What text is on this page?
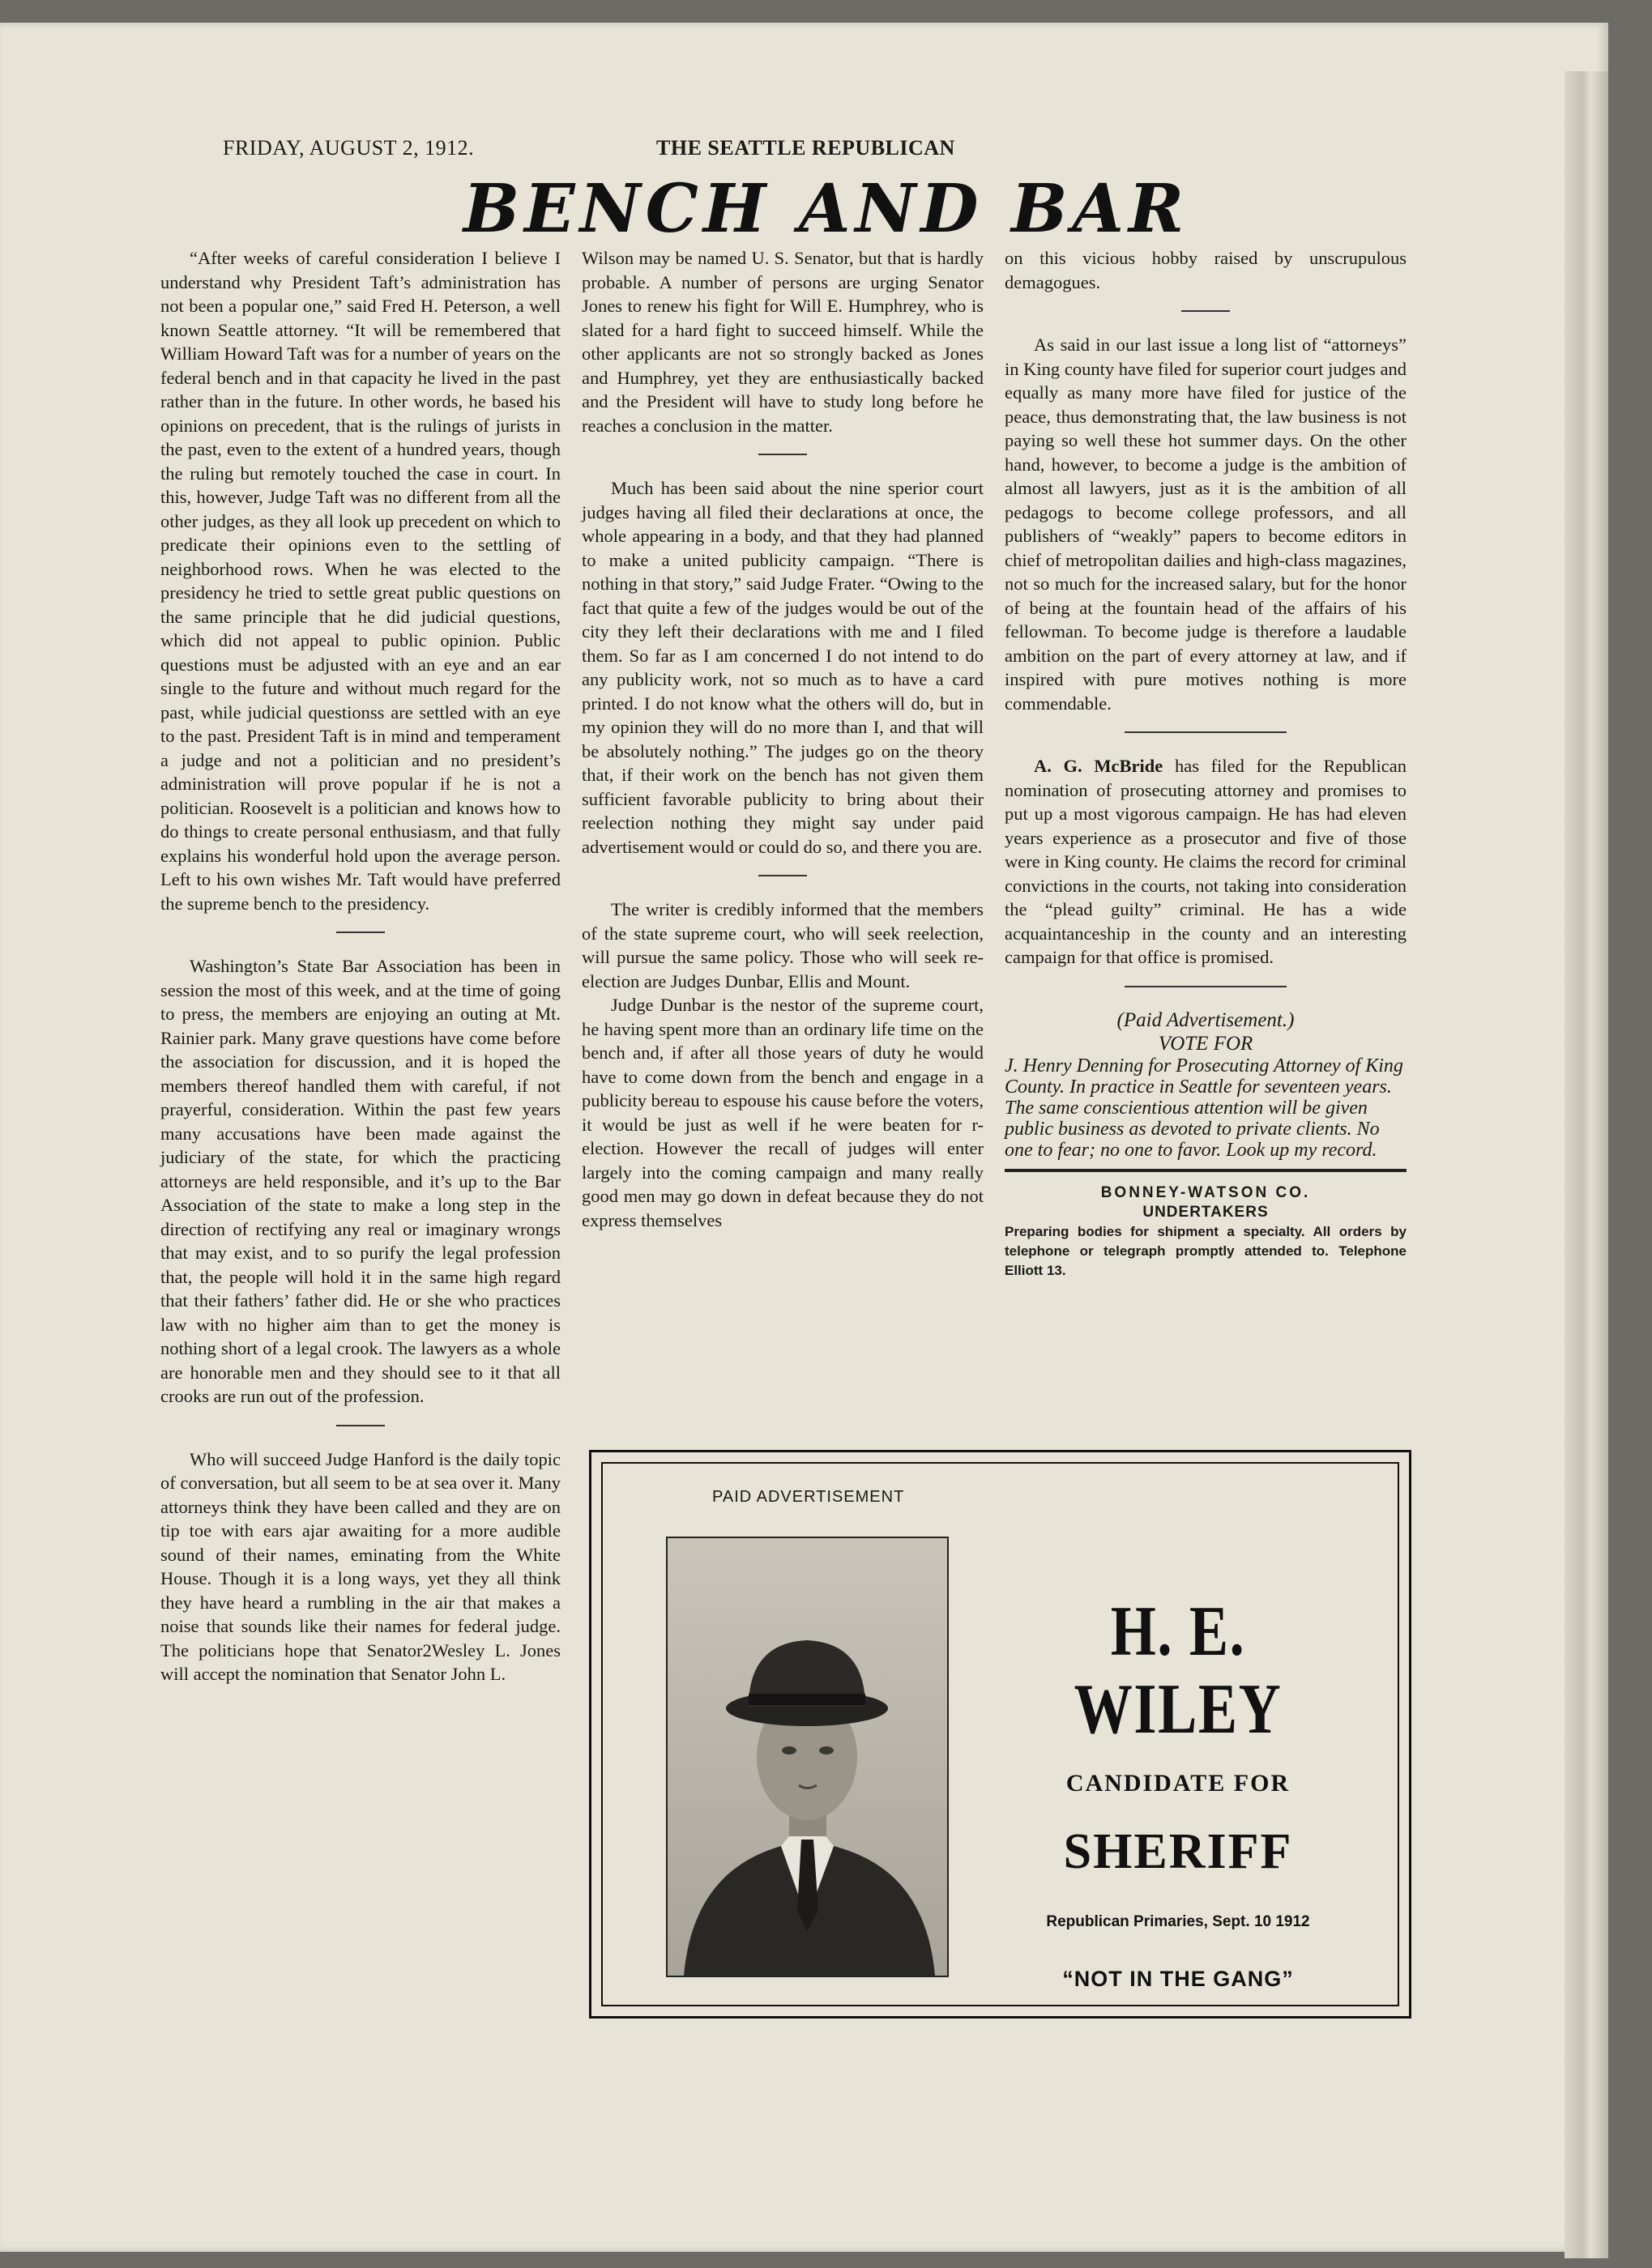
FRIDAY, AUGUST 2, 1912.	THE SEATTLE REPUBLICAN
BENCH AND BAR

“After weeks of careful consideration I believe I understand why President Taft’s administration has not been a popular one,” said Fred H. Peterson, a well known Seattle attorney. “It will be remembered that William Howard Taft was for a number of years on the federal bench and in that capacity he lived in the past rather than in the future. In other words, he based his opinions on precedent, that is the rulings of jurists in the past, even to the extent of a hundred years, though the ruling but remotely touched the case in court. In this, however, Judge Taft was no different from all the other judges, as they all look up precedent on which to predicate their opinions even to the settling of neighborhood rows. When he was elected to the presidency he tried to settle great public questions on the same principle that he did judicial questions, which did not appeal to public opinion. Public questions must be adjusted with an eye and an ear single to the future and without much regard for the past, while judicial questionss are settled with an eye to the past. President Taft is in mind and temperament a judge and not a politician and no president’s administration will prove popular if he is not a politician. Roosevelt is a politician and knows how to do things to create personal enthusiasm, and that fully explains his wonderful hold upon the average person. Left to his own wishes Mr. Taft would have preferred the supreme bench to the presidency.

Washington’s State Bar Association has been in session the most of this week, and at the time of going to press, the members are enjoying an outing at Mt. Rainier park. Many grave questions have come before the association for discussion, and it is hoped the members thereof handled them with careful, if not prayerful, consideration. Within the past few years many accusations have been made against the judiciary of the state, for which the practicing attorneys are held responsible, and it’s up to the Bar Association of the state to make a long step in the direction of rectifying any real or imaginary wrongs that may exist, and to so purify the legal profession that, the people will hold it in the same high regard that their fathers’ father did. He or she who practices law with no higher aim than to get the money is nothing short of a legal crook. The lawyers as a whole are honorable men and they should see to it that all crooks are run out of the profession.

Who will succeed Judge Hanford is the daily topic of conversation, but all seem to be at sea over it. Many attorneys think they have been called and they are on tip toe with ears ajar awaiting for a more audible sound of their names, eminating from the White House. Though it is a long ways, yet they all think they have heard a rumbling in the air that makes a noise that sounds like their names for federal judge. The politicians hope that Senator2Wesley L. Jones will accept the nomination that Senator John L.

Wilson may be named U. S. Senator, but that is hardly probable. A number of persons are urging Senator Jones to renew his fight for Will E. Humphrey, who is slated for a hard fight to succeed himself. While the other applicants are not so strongly backed as Jones and Humphrey, yet they are enthusiastically backed and the President will have to study long before he reaches a conclusion in the matter.

Much has been said about the nine sperior court judges having all filed their declarations at once, the whole appearing in a body, and that they had planned to make a united publicity campaign. “There is nothing in that story,” said Judge Frater. “Owing to the fact that quite a few of the judges would be out of the city they left their declarations with me and I filed them. So far as I am concerned I do not intend to do any publicity work, not so much as to have a card printed. I do not know what the others will do, but in my opinion they will do no more than I, and that will be absolutely nothing.” The judges go on the theory that, if their work on the bench has not given them sufficient favorable publicity to bring about their reelection nothing they might say under paid advertisement would or could do so, and there you are.

The writer is credibly informed that the members of the state supreme court, who will seek reelection, will pursue the same policy. Those who will seek re-election are Judges Dunbar, Ellis and Mount.

Judge Dunbar is the nestor of the supreme court, he having spent more than an ordinary life time on the bench and, if after all those years of duty he would have to come down from the bench and engage in a publicity bereau to espouse his cause before the voters, it would be just as well if he were beaten for r-election. However the recall of judges will enter largely into the coming campaign and many really good men may go down in defeat because they do not express themselves

on this vicious hobby raised by unscrupulous demagogues.

As said in our last issue a long list of “attorneys” in King county have filed for superior court judges and equally as many more have filed for justice of the peace, thus demonstrating that, the law business is not paying so well these hot summer days. On the other hand, however, to become a judge is the ambition of almost all lawyers, just as it is the ambition of all pedagogs to become college professors, and all publishers of “weakly” papers to become editors in chief of metropolitan dailies and high-class magazines, not so much for the increased salary, but for the honor of being at the fountain head of the affairs of his fellowman. To become judge is therefore a laudable ambition on the part of every attorney at law, and if inspired with pure motives nothing is more commendable.

A. G. McBride has filed for the Republican nomination of prosecuting attorney and promises to put up a most vigorous campaign. He has had eleven years experience as a prosecutor and five of those were in King county. He claims the record for criminal convictions in the courts, not taking into consideration the “plead guilty” criminal. He has a wide acquaintanceship in the county and an interesting campaign for that office is promised.

(Paid Advertisement.)

VOTE FOR

J. Henry Denning for Prosecuting Attorney of King County. In practice in Seattle for seventeen years. The same conscientious attention will be given public business as devoted to private clients. No one to fear; no one to favor. Look up my record.

BONNEY-WATSON CO.
UNDERTAKERS
Preparing bodies for shipment a specialty. All orders by telephone or telegraph promptly attended to. Telephone Elliott 13.
PAID ADVERTISEMENT
H. E. WILEY
CANDIDATE FOR
SHERIFF
Republican Primaries, Sept. 10 1912
“NOT IN THE GANG”
